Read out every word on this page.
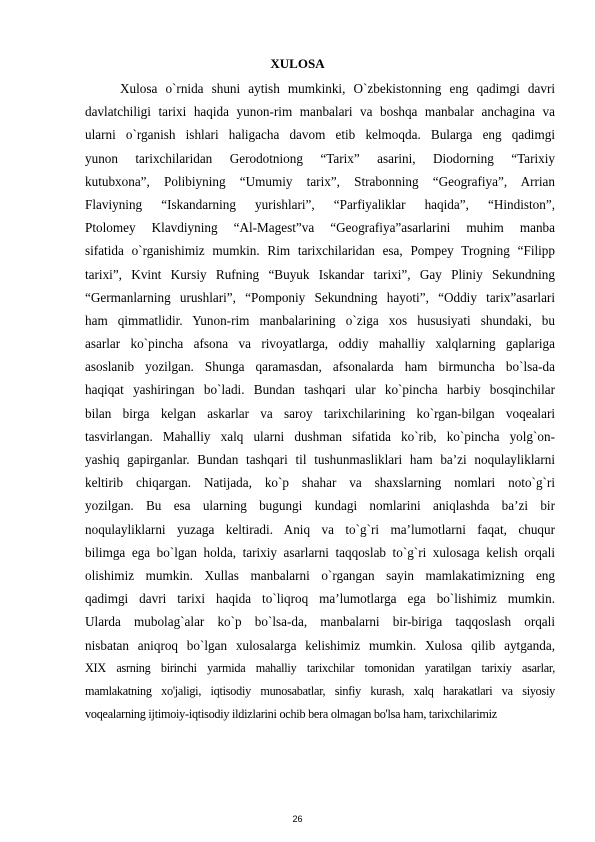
XULOSA
Xulosa o`rnida shuni aytish mumkinki, O`zbekistonning eng qadimgi davri
davlatchiligi tarixi haqida yunon-rim manbalari va boshqa manbalar anchagina va
ularni o`rganish ishlari haligacha davom etib kelmoqda. Bularga eng qadimgi
yunon tarixchilaridan Gerodotniong “Tarix” asarini, Diodorning “Tarixiy
kutubxona”, Polibiyning “Umumiy tarix”, Strabonning “Geografiya”, Arrian
Flaviyning “Iskandarning yurishlari”, “Parfiyaliklar haqida”, “Hindiston”,
Ptolomey Klavdiyning “Al-Magest”va “Geografiya”asarlarini muhim manba
sifatida o`rganishimiz mumkin. Rim tarixchilaridan esa, Pompey Trogning “Filipp
tarixi”, Kvint Kursiy Rufning “Buyuk Iskandar tarixi”, Gay Pliniy Sekundning
“Germanlarning urushlari”, “Pomponiy Sekundning hayoti”, “Oddiy tarix”asarlari
ham qimmatlidir. Yunon-rim manbalarining o`ziga xos hususiyati shundaki, bu
asarlar ko`pincha afsona va rivoyatlarga, oddiy mahalliy xalqlarning gaplariga
asoslanib yozilgan. Shunga qaramasdan, afsonalarda ham birmuncha bo`lsa-da
haqiqat yashiringan bo`ladi. Bundan tashqari ular ko`pincha harbiy bosqinchilar
bilan birga kelgan askarlar va saroy tarixchilarining ko`rgan-bilgan voqealari
tasvirlangan. Mahalliy xalq ularni dushman sifatida ko`rib, ko`pincha yolg`on-
yashiq gapirganlar. Bundan tashqari til tushunmasliklari ham ba’zi noqulayliklarni
keltirib chiqargan. Natijada, ko`p shahar va shaxslarning nomlari noto`g`ri
yozilgan. Bu esa ularning bugungi kundagi nomlarini aniqlashda ba’zi bir
noqulayliklarni yuzaga keltiradi. Aniq va to`g`ri ma’lumotlarni faqat, chuqur
bilimga ega bo`lgan holda, tarixiy asarlarni taqqoslab to`g`ri xulosaga kelish orqali
olishimiz mumkin. Xullas manbalarni o`rgangan sayin mamlakatimizning eng
qadimgi davri tarixi haqida to`liqroq ma’lumotlarga ega bo`lishimiz mumkin.
Ularda mubolag`alar ko`p bo`lsa-da, manbalarni bir-biriga taqqoslash orqali
nisbatan aniqroq bo`lgan xulosalarga kelishimiz mumkin. Xulosa qilib aytganda,
XIX asrning birinchi yarmida mahalliy tarixchilar tomonidan yaratilgan tarixiy asarlar,
mamlakatning xo'jaligi, iqtisodiy munosabatlar, sinfiy kurash, xalq harakatlari va siyosiy
voqealarning ijtimoiy-iqtisodiy ildizlarini ochib bera olmagan bo'lsa ham, tarixchilarimiz

26
